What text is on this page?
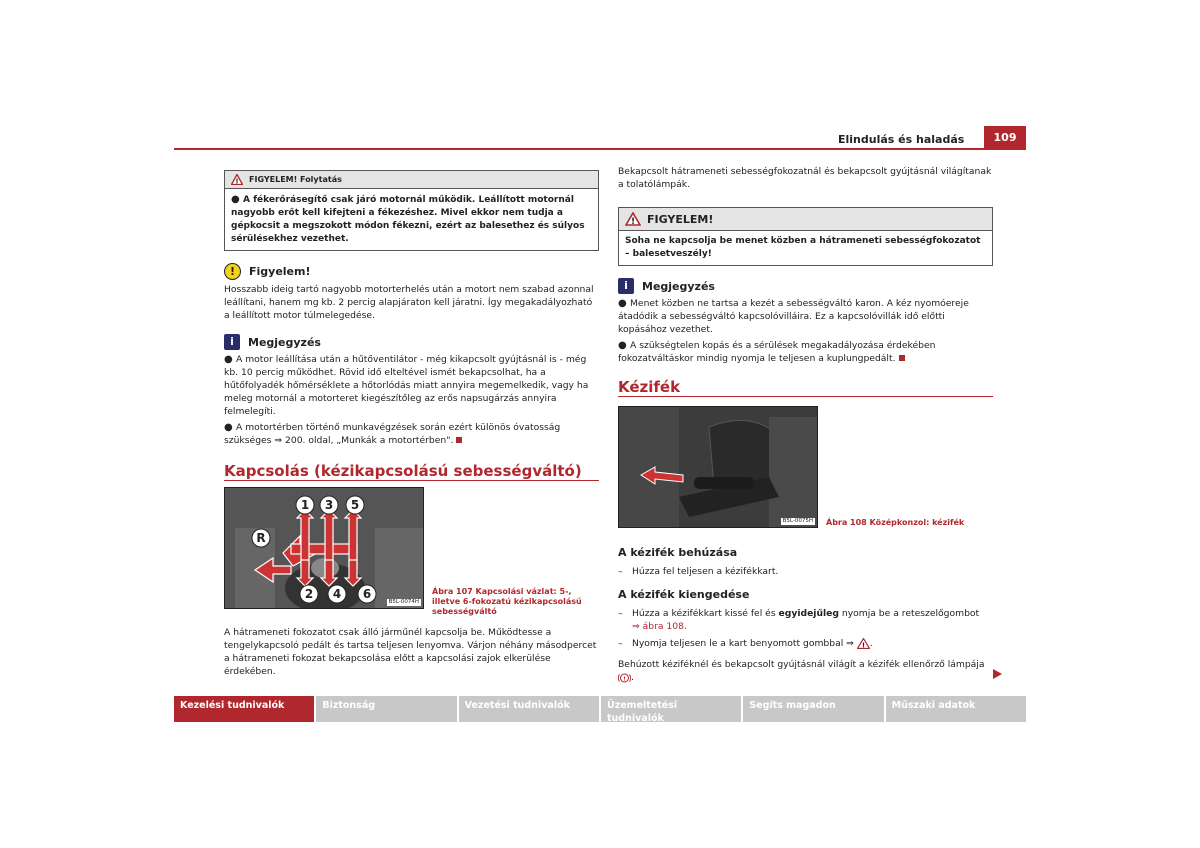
Elindulás és haladás	109
! FIGYELEM! Folytatás
● A fékerőrásegítő csak járó motornál működik. Leállított motornál nagyobb erőt kell kifejteni a fékezéshez. Mivel ekkor nem tudja a gépkocsit a megszokott módon fékezni, ezért az balesethez és súlyos sérülésekhez vezethet.
!	Figyelem!

Hosszabb ideig tartó nagyobb motorterhelés után a motort nem szabad azonnal leállítani, hanem mg kb. 2 percig alapjáraton kell járatni. Így megakadályozható a leállított motor túlmelegedése.

i	Megjegyzés

● A motor leállítása után a hűtőventilátor - még kikapcsolt gyújtásnál is - még kb. 10 percig működhet. Rövid idő elteltével ismét bekapcsolhat, ha a hűtőfolyadék hőmérséklete a hőtorlódás miatt annyira megemelkedik, vagy ha meleg motornál a motorteret kiegészítőleg az erős napsugárzás annyira felmelegíti.

● A motortérben történő munkavégzések során ezért különös óvatosság szükséges ⇒ 200. oldal, „Munkák a motortérben".

Kapcsolás (kézikapcsolású sebességváltó)
1 3 5
R
2 4 6
B5L-0074H
Ábra 107 Kapcsolási vázlat: 5-, illetve 6-fokozatú kézikapcsolású sebességváltó

A hátrameneti fokozatot csak álló járműnél kapcsolja be. Működtesse a tengelykapcsoló pedált és tartsa teljesen lenyomva. Várjon néhány másodpercet a hátrameneti fokozat bekapcsolása előtt a kapcsolási zajok elkerülése érdekében.

Bekapcsolt hátrameneti sebességfokozatnál és bekapcsolt gyújtásnál világítanak a tolatólámpák.

! FIGYELEM!
Soha ne kapcsolja be menet közben a hátrameneti sebességfokozatot – balesetveszély!
i	Megjegyzés

● Menet közben ne tartsa a kezét a sebességváltó karon. A kéz nyomóereje átadódik a sebességváltó kapcsolóvilláira. Ez a kapcsolóvillák idő előtti kopásához vezethet.

● A szükségtelen kopás és a sérülések megakadályozása érdekében fokozatváltáskor mindig nyomja le teljesen a kuplungpedált.

Kézifék
B5L-0075H Ábra 108 Középkonzol: kézifék
A kézifék behúzása

– Húzza fel teljesen a kézifékkart.

A kézifék kiengedése

– Húzza a kézifékkart kissé fel és egyidejűleg nyomja be a reteszelőgombot
⇒ ábra 108.

– Nyomja teljesen le a kart benyomott gombbal ⇒ ! .

Behúzott kéziféknél és bekapcsolt gyújtásnál világít a kézifék ellenőrző lámpája
! .

Kezelési tudnivalók	Biztonság	Vezetési tudnivalók	Üzemeltetési tudnivalók
Segíts magadon	Műszaki adatok
